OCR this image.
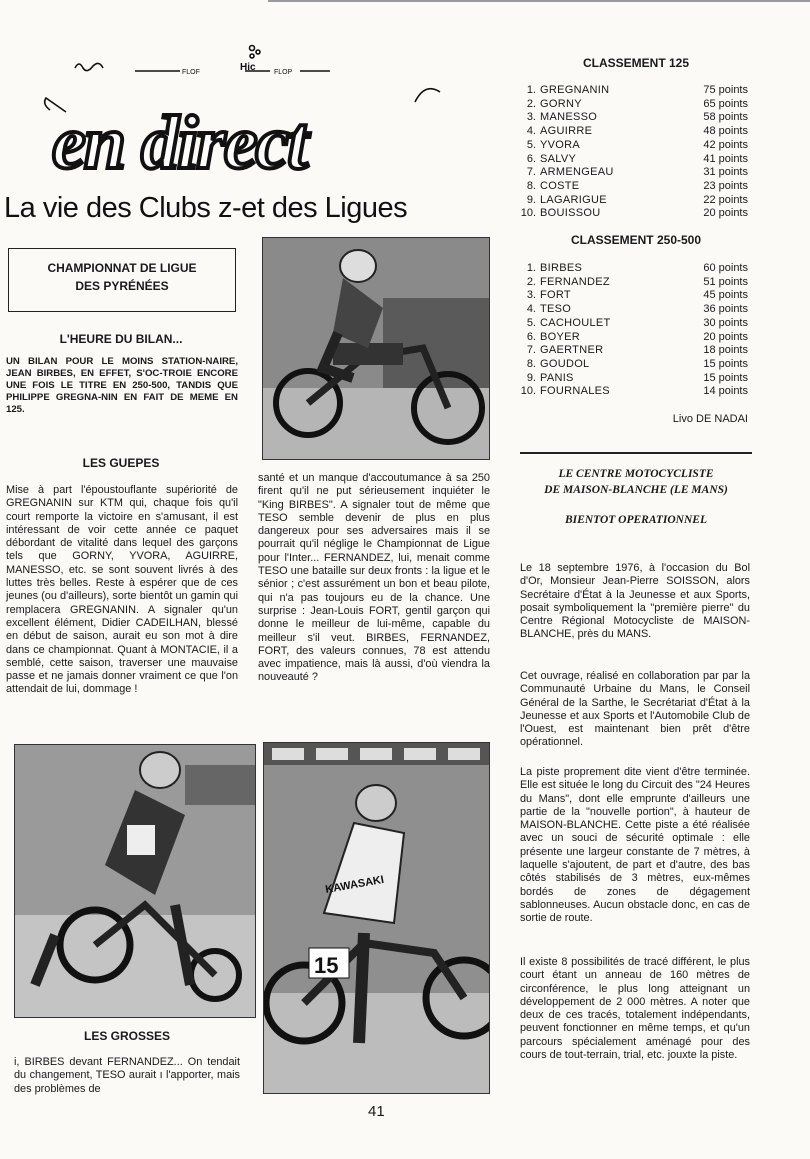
FLOF	Hic	FLOP
en direct
La vie des Clubs z-et des Ligues
CHAMPIONNAT DE LIGUE
DES PYRÉNÉES
L'HEURE DU BILAN...
UN BILAN POUR LE MOINS STATION-NAIRE, JEAN BIRBES, EN EFFET, S'OC-TROIE ENCORE UNE FOIS LE TITRE EN 250-500, TANDIS QUE PHILIPPE GREGNA-NIN EN FAIT DE MEME EN 125.
LES GUEPES
Mise à part l'époustouflante supériorité de GREGNANIN sur KTM qui, chaque fois qu'il court remporte la victoire en s'amusant, il est intéressant de voir cette année ce paquet débordant de vitalité dans lequel des garçons tels que GORNY, YVORA, AGUIRRE, MANESSO, etc. se sont souvent livrés à des luttes très belles. Reste à espérer que de ces jeunes (ou d'ailleurs), sorte bientôt un gamin qui remplacera GREGNANIN. A signaler qu'un excellent élément, Didier CADEILHAN, blessé en début de saison, aurait eu son mot à dire dans ce championnat. Quant à MONTACIE, il a semblé, cette saison, traverser une mauvaise passe et ne jamais donner vraiment ce que l'on attendait de lui, dommage !
santé et un manque d'accoutumance à sa 250 firent qu'il ne put sérieusement inquiéter le "King BIRBES". A signaler tout de même que TESO semble devenir de plus en plus dangereux pour ses adversaires mais il se pourrait qu'il néglige le Championnat de Ligue pour l'Inter... FERNANDEZ, lui, menait comme TESO une bataille sur deux fronts : la ligue et le sénior ; c'est assurément un bon et beau pilote, qui n'a pas toujours eu de la chance. Une surprise : Jean-Louis FORT, gentil garçon qui donne le meilleur de lui-même, capable du meilleur s'il veut. BIRBES, FERNANDEZ, FORT, des valeurs connues, 78 est attendu avec impatience, mais là aussi, d'où viendra la nouveauté ?
KAWASAKI
15
LES GROSSES
i, BIRBES devant FERNANDEZ... On tendait du changement, TESO aurait ı l'apporter, mais des problèmes de
CLASSEMENT 125
1. GREGNANIN	75 points
2. GORNY	65 points
3. MANESSO	58 points
4. AGUIRRE	48 points
5. YVORA	42 points
6. SALVY	41 points
7. ARMENGEAU	31 points
8. COSTE	23 points
9. LAGARIGUE	22 points
10. BOUISSOU	20 points
CLASSEMENT 250-500
1. BIRBES	60 points
2. FERNANDEZ	51 points
3. FORT	45 points
4. TESO	36 points
5. CACHOULET	30 points
6. BOYER	20 points
7. GAERTNER	18 points
8. GOUDOL	15 points
9. PANIS	15 points
10. FOURNALES	14 points
Livo DE NADAI
LE CENTRE MOTOCYCLISTE
DE MAISON-BLANCHE (LE MANS)
BIENTOT OPERATIONNEL
Le 18 septembre 1976, à l'occasion du Bol d'Or, Monsieur Jean-Pierre SOISSON, alors Secrétaire d'État à la Jeunesse et aux Sports, posait symboliquement la "première pierre" du Centre Régional Motocycliste de MAISON-BLANCHE, près du MANS.
Cet ouvrage, réalisé en collaboration par par la Communauté Urbaine du Mans, le Conseil Général de la Sarthe, le Secrétariat d'État à la Jeunesse et aux Sports et l'Automobile Club de l'Ouest, est maintenant bien prêt d'être opérationnel.
La piste proprement dite vient d'être terminée. Elle est située le long du Circuit des "24 Heures du Mans", dont elle emprunte d'ailleurs une partie de la "nouvelle portion", à hauteur de MAISON-BLANCHE. Cette piste a été réalisée avec un souci de sécurité optimale : elle présente une largeur constante de 7 mètres, à laquelle s'ajoutent, de part et d'autre, des bas côtés stabilisés de 3 mètres, eux-mêmes bordés de zones de dégagement sablonneuses. Aucun obstacle donc, en cas de sortie de route.
Il existe 8 possibilités de tracé différent, le plus court étant un anneau de 160 mètres de circonférence, le plus long atteignant un développement de 2 000 mètres. A noter que deux de ces tracés, totalement indépendants, peuvent fonctionner en même temps, et qu'un parcours spécialement aménagé pour des cours de tout-terrain, trial, etc. jouxte la piste.
41
